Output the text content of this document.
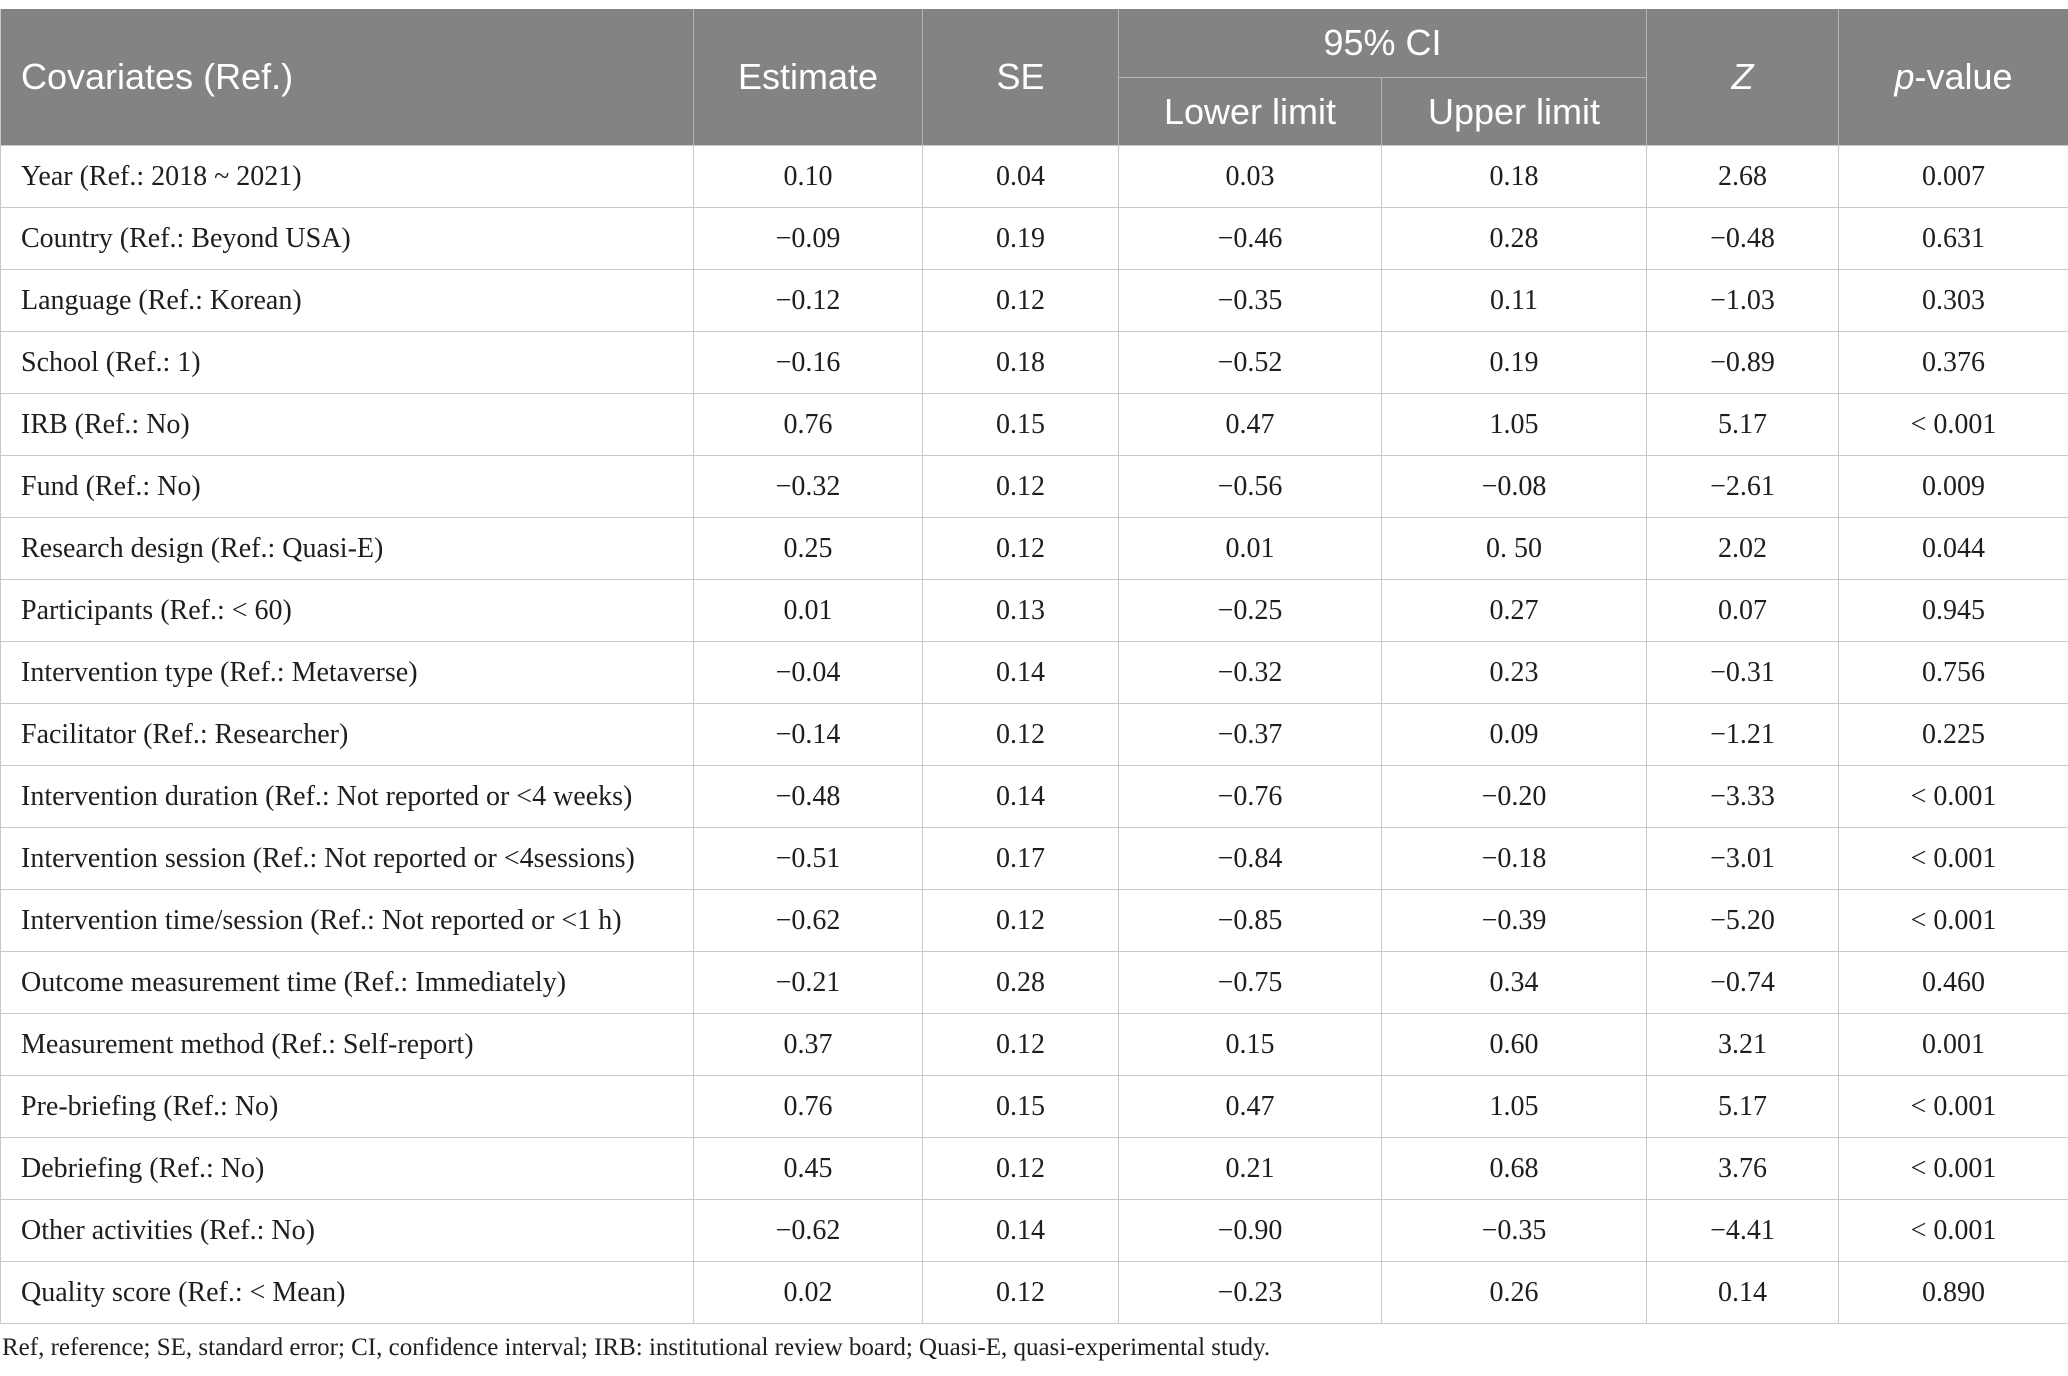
Covariates (Ref.)	Estimate	SE	95% CI		Z	p-value
			Lower limit	Upper limit		
Year (Ref.: 2018 ~ 2021)	0.10	0.04	0.03	0.18	2.68	0.007
Country (Ref.: Beyond USA)	−0.09	0.19	−0.46	0.28	−0.48	0.631
Language (Ref.: Korean)	−0.12	0.12	−0.35	0.11	−1.03	0.303
School (Ref.: 1)	−0.16	0.18	−0.52	0.19	−0.89	0.376
IRB (Ref.: No)	0.76	0.15	0.47	1.05	5.17	< 0.001
Fund (Ref.: No)	−0.32	0.12	−0.56	−0.08	−2.61	0.009
Research design (Ref.: Quasi-E)	0.25	0.12	0.01	0. 50	2.02	0.044
Participants (Ref.: < 60)	0.01	0.13	−0.25	0.27	0.07	0.945
Intervention type (Ref.: Metaverse)	−0.04	0.14	−0.32	0.23	−0.31	0.756
Facilitator (Ref.: Researcher)	−0.14	0.12	−0.37	0.09	−1.21	0.225
Intervention duration (Ref.: Not reported or <4 weeks)	−0.48	0.14	−0.76	−0.20	−3.33	< 0.001
Intervention session (Ref.: Not reported or <4sessions)	−0.51	0.17	−0.84	−0.18	−3.01	< 0.001
Intervention time/session (Ref.: Not reported or <1 h)	−0.62	0.12	−0.85	−0.39	−5.20	< 0.001
Outcome measurement time (Ref.: Immediately)	−0.21	0.28	−0.75	0.34	−0.74	0.460
Measurement method (Ref.: Self-report)	0.37	0.12	0.15	0.60	3.21	0.001
Pre-briefing (Ref.: No)	0.76	0.15	0.47	1.05	5.17	< 0.001
Debriefing (Ref.: No)	0.45	0.12	0.21	0.68	3.76	< 0.001
Other activities (Ref.: No)	−0.62	0.14	−0.90	−0.35	−4.41	< 0.001
Quality score (Ref.: < Mean)	0.02	0.12	−0.23	0.26	0.14	0.890
Ref, reference; SE, standard error; CI, confidence interval; IRB: institutional review board; Quasi-E, quasi-experimental study.
